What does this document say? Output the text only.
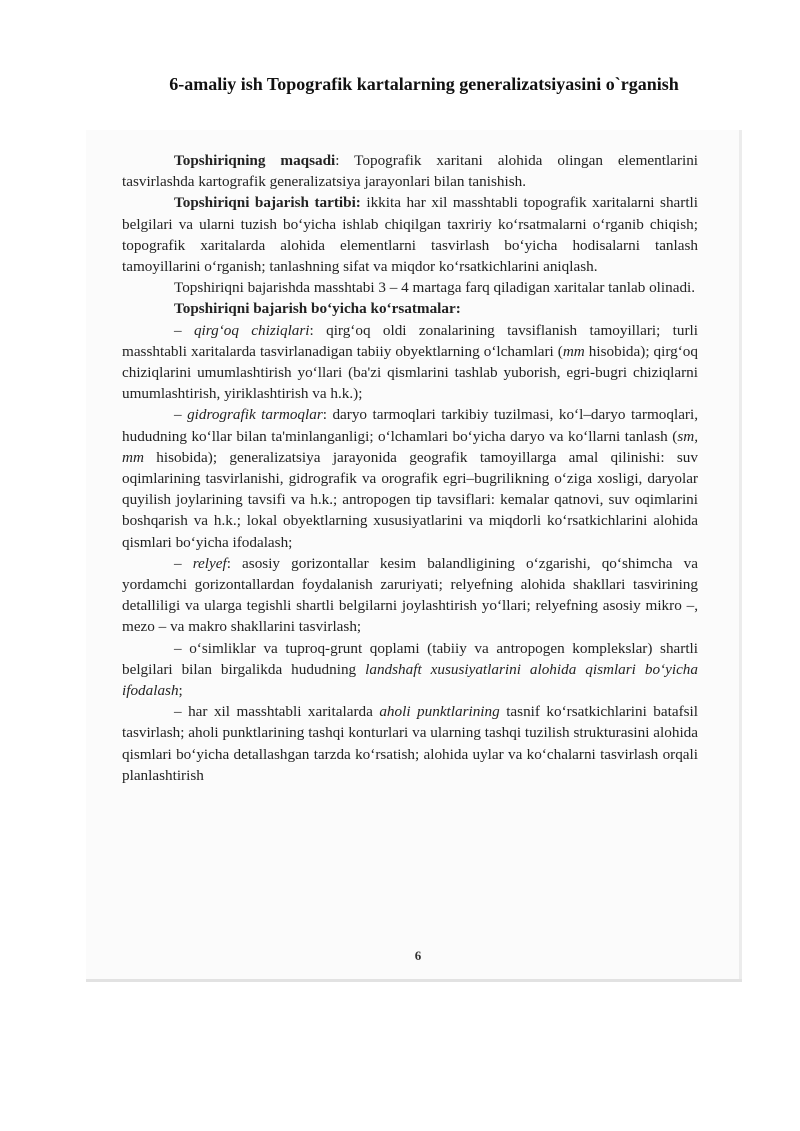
6-amaliy ish Topografik kartalarning generalizatsiyasini o`rganish

Topshiriqning maqsadi: Topografik xaritani alohida olingan elementlarini tasvirlashda kartografik generalizatsiya jarayonlari bilan tanishish.

Topshiriqni bajarish tartibi: ikkita har xil masshtabli topografik xaritalarni shartli belgilari va ularni tuzish bo‘yicha ishlab chiqilgan taxririy ko‘rsatmalarni o‘rganib chiqish; topografik xaritalarda alohida elementlarni tasvirlash bo‘yicha hodisalarni tanlash tamoyillarini o‘rganish; tanlashning sifat va miqdor ko‘rsatkichlarini aniqlash.

Topshiriqni bajarishda masshtabi 3 – 4 martaga farq qiladigan xaritalar tanlab olinadi.

Topshiriqni bajarish bo‘yicha ko‘rsatmalar:

– qirg‘oq chiziqlari: qirg‘oq oldi zonalarining tavsiflanish tamoyillari; turli masshtabli xaritalarda tasvirlanadigan tabiiy obyektlarning o‘lchamlari (mm hisobida); qirg‘oq chiziqlarini umumlashtirish yo‘llari (ba'zi qismlarini tashlab yuborish, egri-bugri chiziqlarni umumlashtirish, yiriklashtirish va h.k.);

– gidrografik tarmoqlar: daryo tarmoqlari tarkibiy tuzilmasi, ko‘l–daryo tarmoqlari, hududning ko‘llar bilan ta'minlanganligi; o‘lchamlari bo‘yicha daryo va ko‘llarni tanlash (sm, mm hisobida); generalizatsiya jarayonida geografik tamoyillarga amal qilinishi: suv oqimlarining tasvirlanishi, gidrografik va orografik egri–bugrilikning o‘ziga xosligi, daryolar quyilish joylarining tavsifi va h.k.; antropogen tip tavsiflari: kemalar qatnovi, suv oqimlarini boshqarish va h.k.; lokal obyektlarning xususiyatlarini va miqdorli ko‘rsatkichlarini alohida qismlari bo‘yicha ifodalash;

– relyef: asosiy gorizontallar kesim balandligining o‘zgarishi, qo‘shimcha va yordamchi gorizontallardan foydalanish zaruriyati; relyefning alohida shakllari tasvirining detalliligi va ularga tegishli shartli belgilarni joylashtirish yo‘llari; relyefning asosiy mikro –, mezo – va makro shakllarini tasvirlash;

– o‘simliklar va tuproq-grunt qoplami (tabiiy va antropogen komplekslar) shartli belgilari bilan birgalikda hududning landshaft xususiyatlarini alohida qismlari bo‘yicha ifodalash;

– har xil masshtabli xaritalarda aholi punktlarining tasnif ko‘rsatkichlarini batafsil tasvirlash; aholi punktlarining tashqi konturlari va ularning tashqi tuzilish strukturasini alohida qismlari bo‘yicha detallashgan tarzda ko‘rsatish; alohida uylar va ko‘chalarni tasvirlash orqali planlashtirish

6
